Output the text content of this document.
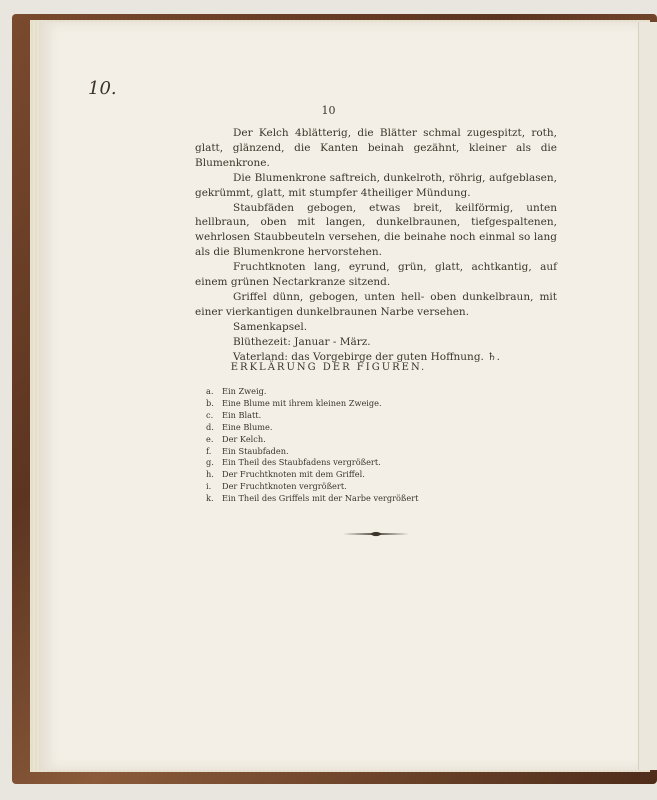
10.
10

Der Kelch 4blätterig, die Blätter schmal zugespitzt, roth, glatt, glänzend, die Kanten beinah gezähnt, kleiner als die Blumenkrone.

Die Blumenkrone saftreich, dunkelroth, röhrig, aufgeblasen, gekrümmt, glatt, mit stumpfer 4theiliger Mündung.

Staubfäden gebogen, etwas breit, keilförmig, unten hellbraun, oben mit langen, dunkelbraunen, tiefgespaltenen, wehrlosen Staubbeuteln versehen, die beinahe noch einmal so lang als die Blumenkrone hervorstehen.

Fruchtknoten lang, eyrund, grün, glatt, achtkantig, auf einem grünen Nectarkranze sitzend.

Griffel dünn, gebogen, unten hell- oben dunkelbraun, mit einer vierkantigen dunkelbraunen Narbe versehen.

Samenkapsel.

Blüthezeit: Januar - März.

Vaterland: das Vorgebirge der guten Hoffnung. ♄.

ERKLÄRUNG DER FIGUREN.
a.	Ein Zweig.
b. Eine Blume mit ihrem kleinen Zweige.
c.	Ein Blatt.
d. Eine Blume.
e.	Der Kelch.
f.	Ein Staubfaden.
g. Ein Theil des Staubfadens vergrößert.
h. Der Fruchtknoten mit dem Griffel.
i.	Der Fruchtknoten vergrößert.
k.	Ein Theil des Griffels mit der Narbe vergrößert
